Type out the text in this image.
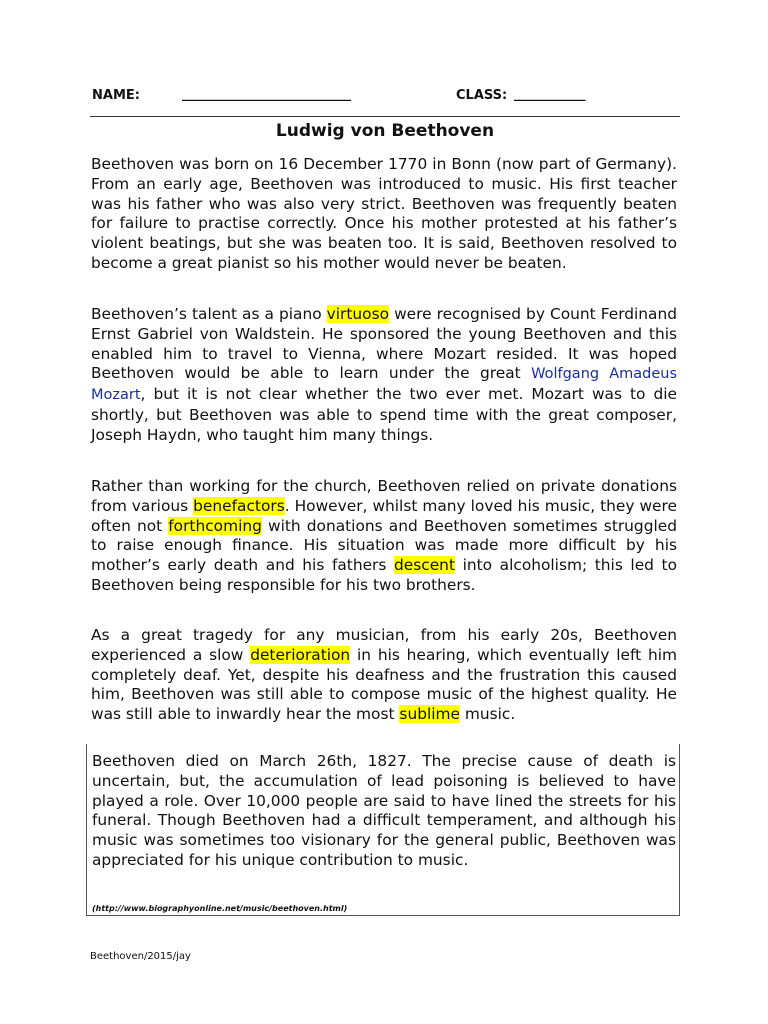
NAME:	__________________________	CLASS: ___________
Ludwig von Beethoven

Beethoven was born on 16 December 1770 in Bonn (now part of Germany). From an early age, Beethoven was introduced to music. His first teacher was his father who was also very strict. Beethoven was frequently beaten for failure to practise correctly. Once his mother protested at his father’s violent beatings, but she was beaten too. It is said, Beethoven resolved to become a great pianist so his mother would never be beaten.

Beethoven’s talent as a piano virtuoso were recognised by Count Ferdinand Ernst Gabriel von Waldstein. He sponsored the young Beethoven and this enabled him to travel to Vienna, where Mozart resided. It was hoped Beethoven would be able to learn under the great Wolfgang Amadeus Mozart, but it is not clear whether the two ever met. Mozart was to die shortly, but Beethoven was able to spend time with the great composer, Joseph Haydn, who taught him many things.

Rather than working for the church, Beethoven relied on private donations from various benefactors. However, whilst many loved his music, they were often not forthcoming with donations and Beethoven sometimes struggled to raise enough finance. His situation was made more difficult by his mother’s early death and his fathers descent into alcoholism; this led to Beethoven being responsible for his two brothers.

As a great tragedy for any musician, from his early 20s, Beethoven experienced a slow deterioration in his hearing, which eventually left him completely deaf. Yet, despite his deafness and the frustration this caused him, Beethoven was still able to compose music of the highest quality. He was still able to inwardly hear the most sublime music.

Beethoven died on March 26th, 1827. The precise cause of death is uncertain, but, the accumulation of lead poisoning is believed to have played a role. Over 10,000 people are said to have lined the streets for his funeral. Though Beethoven had a difficult temperament, and although his music was sometimes too visionary for the general public, Beethoven was appreciated for his unique contribution to music.

(http://www.biographyonline.net/music/beethoven.html)
Beethoven/2015/jay
